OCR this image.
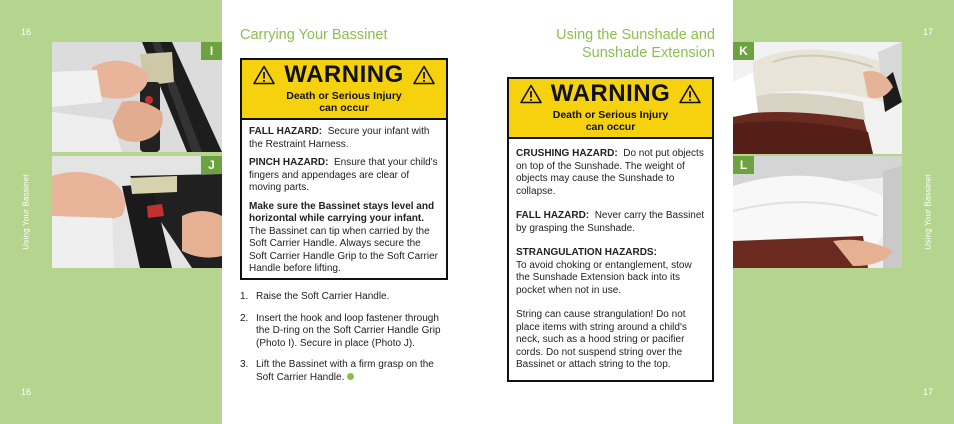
16
Using Your Bassinet
16
I
J
Carrying Your Bassinet
WARNING
Death or Serious Injury
can occur

FALL HAZARD: Secure your infant with the Restraint Harness.

PINCH HAZARD: Ensure that your child's fingers and appendages are clear of moving parts.

Make sure the Bassinet stays level and horizontal while carrying your infant. The Bassinet can tip when carried by the Soft Carrier Handle. Always secure the Soft Carrier Handle Grip to the Soft Carrier Handle before lifting.

1. Raise the Soft Carrier Handle.
2. Insert the hook and loop fastener through the D-ring on the Soft Carrier Handle Grip (Photo I). Secure in place (Photo J).
3. Lift the Bassinet with a firm grasp on the Soft Carrier Handle.
Using the Sunshade and
Sunshade Extension
WARNING
Death or Serious Injury
can occur

CRUSHING HAZARD: Do not put objects on top of the Sunshade. The weight of objects may cause the Sunshade to collapse.

FALL HAZARD: Never carry the Bassinet by grasping the Sunshade.

STRANGULATION HAZARDS:
To avoid choking or entanglement, stow the Sunshade Extension back into its pocket when not in use.

String can cause strangulation! Do not place items with string around a child's neck, such as a hood string or pacifier cords. Do not suspend string over the Bassinet or attach string to the top.

K
L
17
Using Your Bassinet
17
